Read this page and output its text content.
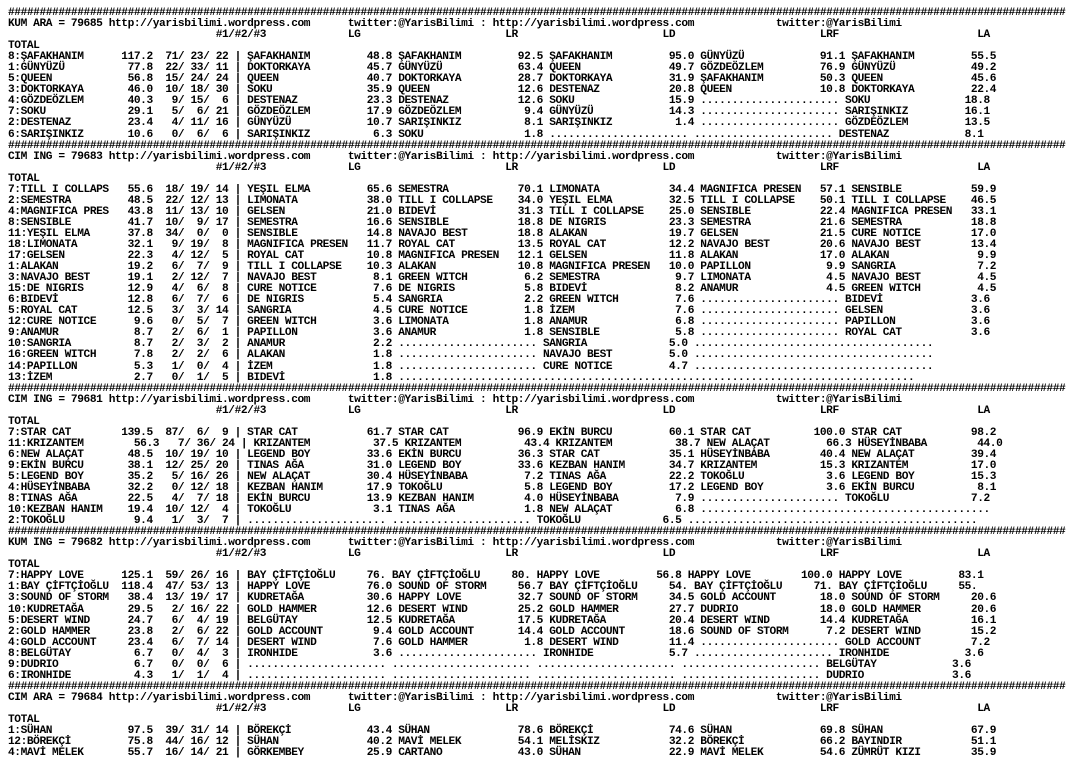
########################################################################################################################################################################
KUM ARA = 79685 http://yarisbilimi.wordpress.com      twitter:@YarisBilimi : http://yarisbilimi.wordpress.com             twitter:@YarisBilimi
#1/#2/#3             LG                       LR                       LD                       LRF                      LA
TOTAL
8:ŞAFAKHANIM      117.2  71/ 23/ 22 | ŞAFAKHANIM         48.8 ŞAFAKHANIM         92.5 ŞAFAKHANIM         95.0 GÜNYÜZÜ            91.1 ŞAFAKHANIM         55.5
1:GÜNYÜZÜ          77.8  22/ 33/ 11 | DOKTORKAYA         45.7 GÜNYÜZÜ            63.4 QUEEN              49.7 GÖZDEÖZLEM         76.9 GÜNYÜZÜ            49.2
5:QUEEN            56.8  15/ 24/ 24 | QUEEN              40.7 DOKTORKAYA         28.7 DOKTORKAYA         31.9 ŞAFAKHANIM         50.3 QUEEN              45.6
3:DOKTORKAYA       46.0  10/ 18/ 30 | SOKU               35.9 QUEEN              12.6 DESTENAZ           20.8 QUEEN              10.8 DOKTORKAYA         22.4
4:GÖZDEÖZLEM       40.3   9/ 15/  6 | DESTENAZ           23.3 DESTENAZ           12.6 SOKU               15.9 ...................... SOKU               18.8
7:SOKU             29.1   5/  6/ 21 | GÖZDEÖZLEM         17.9 GÖZDEÖZLEM          9.4 GÜNYÜZÜ            14.3 ...................... SARIŞINKIZ         16.1
2:DESTENAZ         23.4   4/ 11/ 16 | GÜNYÜZÜ            10.7 SARIŞINKIZ          8.1 SARIŞINKIZ          1.4 ...................... GÖZDEÖZLEM         13.5
6:SARIŞINKIZ       10.6   0/  6/  6 | SARIŞINKIZ          6.3 SOKU                1.8 ...................... ...................... DESTENAZ            8.1
########################################################################################################################################################################
CIM ING = 79683 http://yarisbilimi.wordpress.com      twitter:@YarisBilimi : http://yarisbilimi.wordpress.com             twitter:@YarisBilimi
#1/#2/#3             LG                       LR                       LD                       LRF                      LA
TOTAL
7:TILL I COLLAPS   55.6  18/ 19/ 14 | YEŞIL ELMA         65.6 SEMESTRA           70.1 LIMONATA           34.4 MAGNIFICA PRESEN   57.1 SENSIBLE           59.9
2:SEMESTRA         48.5  22/ 12/ 13 | LIMONATA           38.0 TILL I COLLAPSE    34.0 YEŞIL ELMA         32.5 TILL I COLLAPSE    50.1 TILL I COLLAPSE    46.5
4:MAGNIFICA PRES   43.8  11/ 13/ 10 | GELSEN             21.0 BIDEVİ             31.3 TILL I COLLAPSE    25.0 SENSIBLE           22.4 MAGNIFICA PRESEN   33.1
8:SENSIBLE         41.7  10/  9/ 17 | SEMESTRA           16.6 SENSIBLE           18.8 DE NIGRIS          23.3 SEMESTRA           21.6 SEMESTRA           18.8
11:YEŞIL ELMA      37.8  34/  0/  0 | SENSIBLE           14.8 NAVAJO BEST        18.8 ALAKAN             19.7 GELSEN             21.5 CURE NOTICE        17.0
18:LIMONATA        32.1   9/ 19/  8 | MAGNIFICA PRESEN   11.7 ROYAL CAT          13.5 ROYAL CAT          12.2 NAVAJO BEST        20.6 NAVAJO BEST        13.4
17:GELSEN          22.3   4/ 12/  5 | ROYAL CAT          10.8 MAGNIFICA PRESEN   12.1 GELSEN             11.8 ALAKAN             17.0 ALAKAN              9.9
1:ALAKAN           19.2   6/  7/  9 | TILL I COLLAPSE    10.3 ALAKAN             10.8 MAGNIFICA PRESEN   10.0 PAPILLON            9.9 SANGRIA             7.2
3:NAVAJO BEST      19.1   2/ 12/  7 | NAVAJO BEST         8.1 GREEN WITCH         6.2 SEMESTRA            9.7 LIMONATA            4.5 NAVAJO BEST         4.5
15:DE NIGRIS       12.9   4/  6/  8 | CURE NOTICE         7.6 DE NIGRIS           5.8 BIDEVİ              8.2 ANAMUR              4.5 GREEN WITCH         4.5
6:BIDEVİ           12.8   6/  7/  6 | DE NIGRIS           5.4 SANGRIA             2.2 GREEN WITCH         7.6 ...................... BIDEVİ              3.6
5:ROYAL CAT        12.5   3/  3/ 14 | SANGRIA             4.5 CURE NOTICE         1.8 İZEM                7.6 ...................... GELSEN              3.6
12:CURE NOTICE      9.6   0/  5/  7 | GREEN WITCH         3.6 LIMONATA            1.8 ANAMUR              6.8 ...................... PAPILLON            3.6
9:ANAMUR            8.7   2/  6/  1 | PAPILLON            3.6 ANAMUR              1.8 SENSIBLE            5.8 ...................... ROYAL CAT           3.6
10:SANGRIA          8.7   2/  3/  2 | ANAMUR              2.2 ...................... SANGRIA             5.0 ......................................
16:GREEN WITCH      7.8   2/  2/  6 | ALAKAN              1.8 ...................... NAVAJO BEST         5.0 ......................................
14:PAPILLON         5.3   1/  0/  4 | İZEM                1.8 ...................... CURE NOTICE         4.7 ......................................
13:İZEM             2.7   0/  1/  5 | BIDEVİ              1.8 ..................................................................................
########################################################################################################################################################################
CIM ING = 79681 http://yarisbilimi.wordpress.com      twitter:@YarisBilimi : http://yarisbilimi.wordpress.com             twitter:@YarisBilimi
#1/#2/#3             LG                       LR                       LD                       LRF                      LA
TOTAL
7:STAR CAT        139.5  87/  6/  9 | STAR CAT           61.7 STAR CAT           96.9 EKİN BURCU         60.1 STAR CAT          100.0 STAR CAT           98.2
11:KRIZANTEM        56.3   7/ 36/ 24 | KRIZANTEM          37.5 KRIZANTEM          43.4 KRIZANTEM          38.7 NEW ALAÇAT         66.3 HÜSEYİNBABA        44.0
6:NEW ALAÇAT       48.5  10/ 19/ 10 | LEGEND BOY         33.6 EKİN BURCU         36.3 STAR CAT           35.1 HÜSEYİNBABA        40.4 NEW ALAÇAT         39.4
9:EKİN BURCU       38.1  12/ 25/ 20 | TINAS AĞA          31.0 LEGEND BOY         33.6 KEZBAN HANIM       34.7 KRIZANTEM          15.3 KRIZANTEM          17.0
5:LEGEND BOY       35.2   5/ 16/ 26 | NEW ALAÇAT         30.4 HÜSEYİNBABA         7.2 TINAS AĞA          22.2 TOKOĞLU             3.6 LEGEND BOY         15.3
4:HÜSEYİNBABA      32.2   0/ 12/ 18 | KEZBAN HANIM       17.9 TOKOĞLU             5.8 LEGEND BOY         17.2 LEGEND BOY          3.6 EKİN BURCU          8.1
8:TINAS AĞA        22.5   4/  7/ 18 | EKİN BURCU         13.9 KEZBAN HANIM        4.0 HÜSEYİNBABA         7.9 ...................... TOKOĞLU             7.2
10:KEZBAN HANIM    19.4  10/ 12/  4 | TOKOĞLU             3.1 TINAS AĞA           1.8 NEW ALAÇAT          6.8 ..............................................
2:TOKOĞLU           9.4   1/  3/  7 | ...................... ...................... TOKOĞLU             6.5 ..............................................
########################################################################################################################################################################
KUM ING = 79682 http://yarisbilimi.wordpress.com      twitter:@YarisBilimi : http://yarisbilimi.wordpress.com             twitter:@YarisBilimi
#1/#2/#3             LG                       LR                       LD                       LRF                      LA
TOTAL
7:HAPPY LOVE      125.1  59/ 26/ 16 | BAY ÇİFTÇİOĞLU     76. BAY ÇİFTÇİOĞLU     80. HAPPY LOVE         56.8 HAPPY LOVE        100.0 HAPPY LOVE         83.1
1:BAY ÇİFTÇİOĞLU  118.4  47/ 53/ 13 | HAPPY LOVE         76.0 SOUND OF STORM     56.7 BAY ÇİFTÇİOĞLU     54. BAY ÇİFTÇİOĞLU     71. BAY ÇİFTÇİOĞLU     55.
3:SOUND OF STORM   38.4  13/ 19/ 17 | KUDRETAĞA          30.6 HAPPY LOVE         32.7 SOUND OF STORM     34.5 GOLD ACCOUNT       18.0 SOUND OF STORM     20.6
10:KUDRETAĞA       29.5   2/ 16/ 22 | GOLD HAMMER        12.6 DESERT WIND        25.2 GOLD HAMMER        27.7 DUDRIO             18.0 GOLD HAMMER        20.6
5:DESERT WIND      24.7   6/  4/ 19 | BELGÜTAY           12.5 KUDRETAĞA          17.5 KUDRETAĞA          20.4 DESERT WIND        14.4 KUDRETAĞA          16.1
2:GOLD HAMMER      23.8   2/  6/ 22 | GOLD ACCOUNT        9.4 GOLD ACCOUNT       14.4 GOLD ACCOUNT       18.6 SOUND OF STORM      7.2 DESERT WIND        15.2
4:GOLD ACCOUNT     23.4   6/  7/ 14 | DESERT WIND         7.6 GOLD HAMMER         1.8 DESERT WIND        11.4 ...................... GOLD ACCOUNT        7.2
8:BELGÜTAY          6.7   0/  4/  3 | IRONHIDE            3.6 ...................... IRONHIDE            5.7 ...................... IRONHIDE            3.6
9:DUDRIO            6.7   0/  0/  6 | ...................... ...................... ...................... ...................... BELGÜTAY            3.6
6:IRONHIDE          4.3   1/  1/  4 | ...................... ...................... ...................... ...................... DUDRIO              3.6
########################################################################################################################################################################
CIM ARA = 79684 http://yarisbilimi.wordpress.com      twitter:@YarisBilimi : http://yarisbilimi.wordpress.com             twitter:@YarisBilimi
#1/#2/#3             LG                       LR                       LD                       LRF                      LA
TOTAL
1:SÜHAN            97.5  39/ 31/ 14 | BÖREKÇİ            43.4 SÜHAN              78.6 BÖREKÇİ            74.6 SÜHAN              69.8 SÜHAN              67.9
12:BÖREKÇİ         75.8  44/ 16/ 12 | SÜHAN              40.2 MAVİ MELEK         54.1 MELİSKIZ           32.2 BÖREKÇİ            66.2 BAYINDIR           51.1
4:MAVİ MELEK       55.7  16/ 14/ 21 | GÖRKEMBEY          25.9 CARTANO            43.0 SÜHAN              22.9 MAVİ MELEK         54.6 ZÜMRÜT KIZI        35.9
